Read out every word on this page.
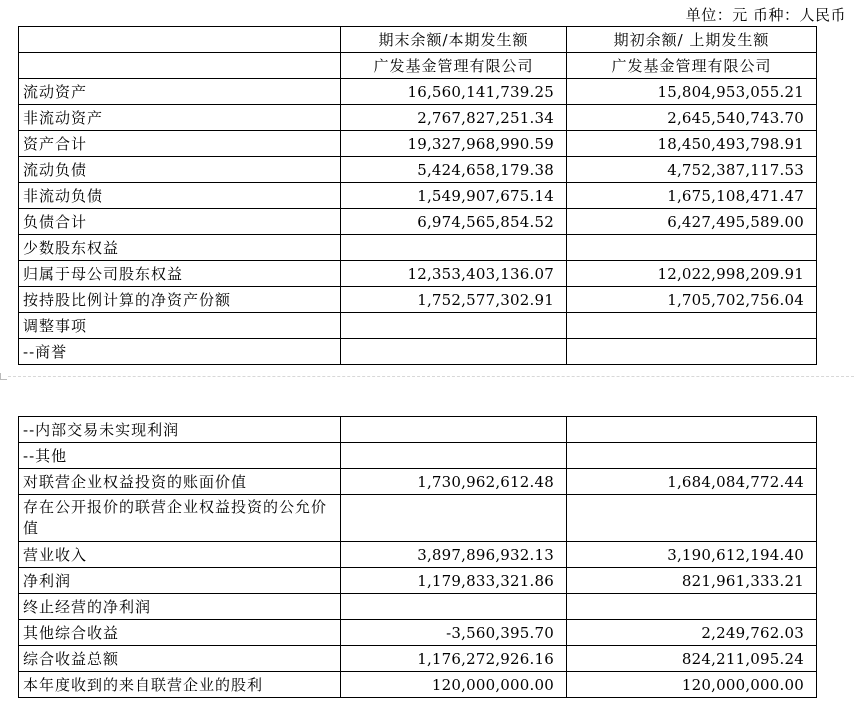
单位：元 币种：人民币
	期末余额/本期发生额	期初余额/ 上期发生额
	广发基金管理有限公司	广发基金管理有限公司
流动资产	16,560,141,739.25	15,804,953,055.21
非流动资产	2,767,827,251.34	2,645,540,743.70
资产合计	19,327,968,990.59	18,450,493,798.91
流动负债	5,424,658,179.38	4,752,387,117.53
非流动负债	1,549,907,675.14	1,675,108,471.47
负债合计	6,974,565,854.52	6,427,495,589.00
少数股东权益		
归属于母公司股东权益	12,353,403,136.07	12,022,998,209.91
按持股比例计算的净资产份额	1,752,577,302.91	1,705,702,756.04
调整事项		
--商誉		
--内部交易未实现利润		
--其他		
对联营企业权益投资的账面价值	1,730,962,612.48	1,684,084,772.44
存在公开报价的联营企业权益投资的公允价值		
营业收入	3,897,896,932.13	3,190,612,194.40
净利润	1,179,833,321.86	821,961,333.21
终止经营的净利润		
其他综合收益	-3,560,395.70	2,249,762.03
综合收益总额	1,176,272,926.16	824,211,095.24
本年度收到的来自联营企业的股利	120,000,000.00	120,000,000.00
